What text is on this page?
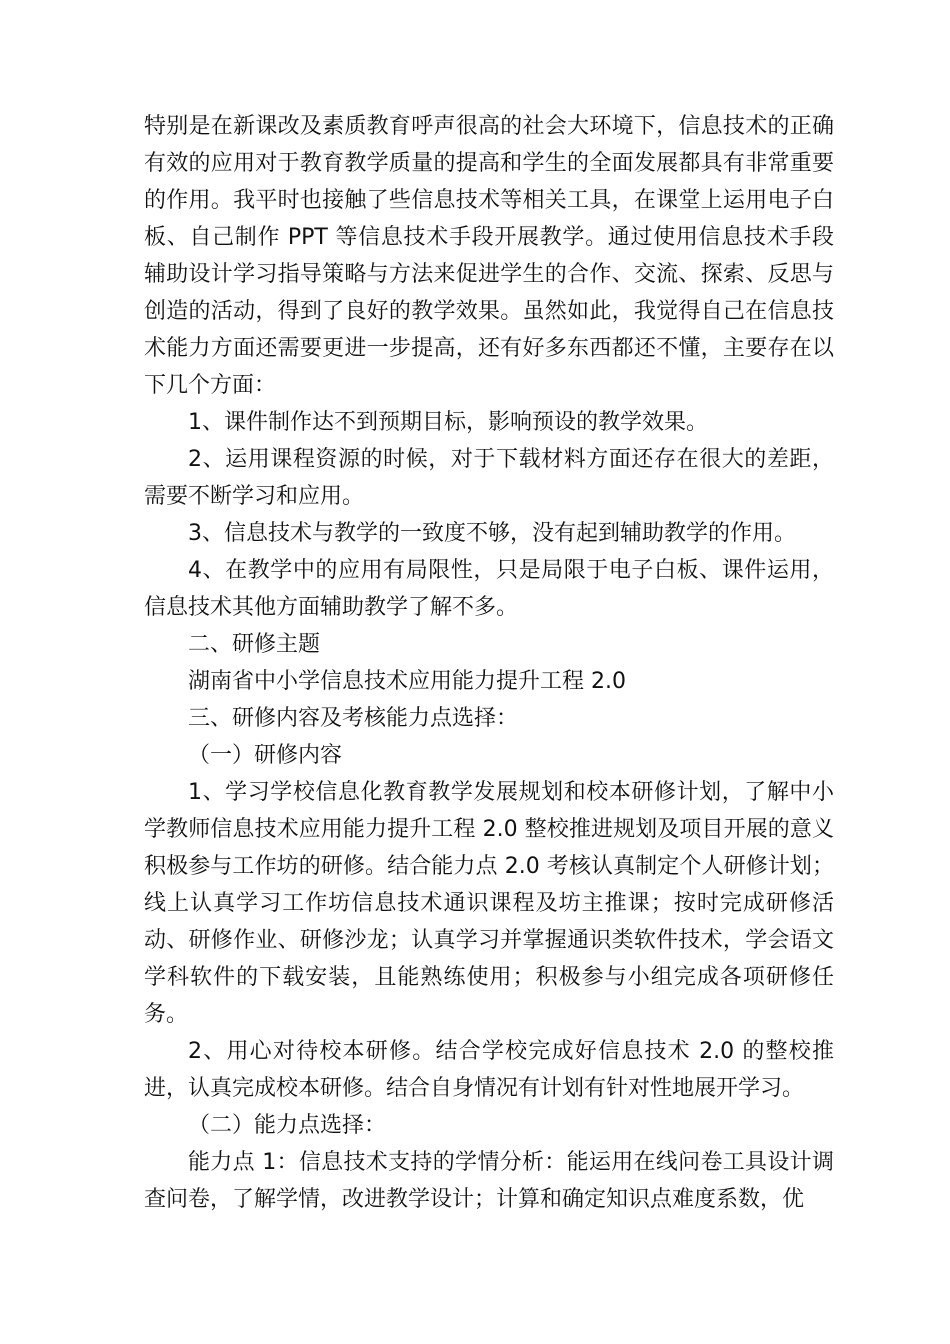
特别是在新课改及素质教育呼声很高的社会大环境下，信息技术的正确有效的应用对于教育教学质量的提高和学生的全面发展都具有非常重要的作用。我平时也接触了些信息技术等相关工具，在课堂上运用电子白板、自己制作 PPT 等信息技术手段开展教学。通过使用信息技术手段辅助设计学习指导策略与方法来促进学生的合作、交流、探索、反思与创造的活动，得到了良好的教学效果。虽然如此，我觉得自己在信息技术能力方面还需要更进一步提高，还有好多东西都还不懂，主要存在以下几个方面：

1、课件制作达不到预期目标，影响预设的教学效果。

2、运用课程资源的时候，对于下载材料方面还存在很大的差距，需要不断学习和应用。

3、信息技术与教学的一致度不够，没有起到辅助教学的作用。

4、在教学中的应用有局限性，只是局限于电子白板、课件运用，信息技术其他方面辅助教学了解不多。

二、研修主题

湖南省中小学信息技术应用能力提升工程 2.0

三、研修内容及考核能力点选择：

（一）研修内容

1、学习学校信息化教育教学发展规划和校本研修计划，了解中小学教师信息技术应用能力提升工程 2.0 整校推进规划及项目开展的意义积极参与工作坊的研修。结合能力点 2.0 考核认真制定个人研修计划；线上认真学习工作坊信息技术通识课程及坊主推课；按时完成研修活动、研修作业、研修沙龙；认真学习并掌握通识类软件技术，学会语文学科软件的下载安装，且能熟练使用；积极参与小组完成各项研修任务。

2、用心对待校本研修。结合学校完成好信息技术 2.0 的整校推进，认真完成校本研修。结合自身情况有计划有针对性地展开学习。

（二）能力点选择：

能力点 1：信息技术支持的学情分析：能运用在线问卷工具设计调查问卷，了解学情，改进教学设计；计算和确定知识点难度系数，优
